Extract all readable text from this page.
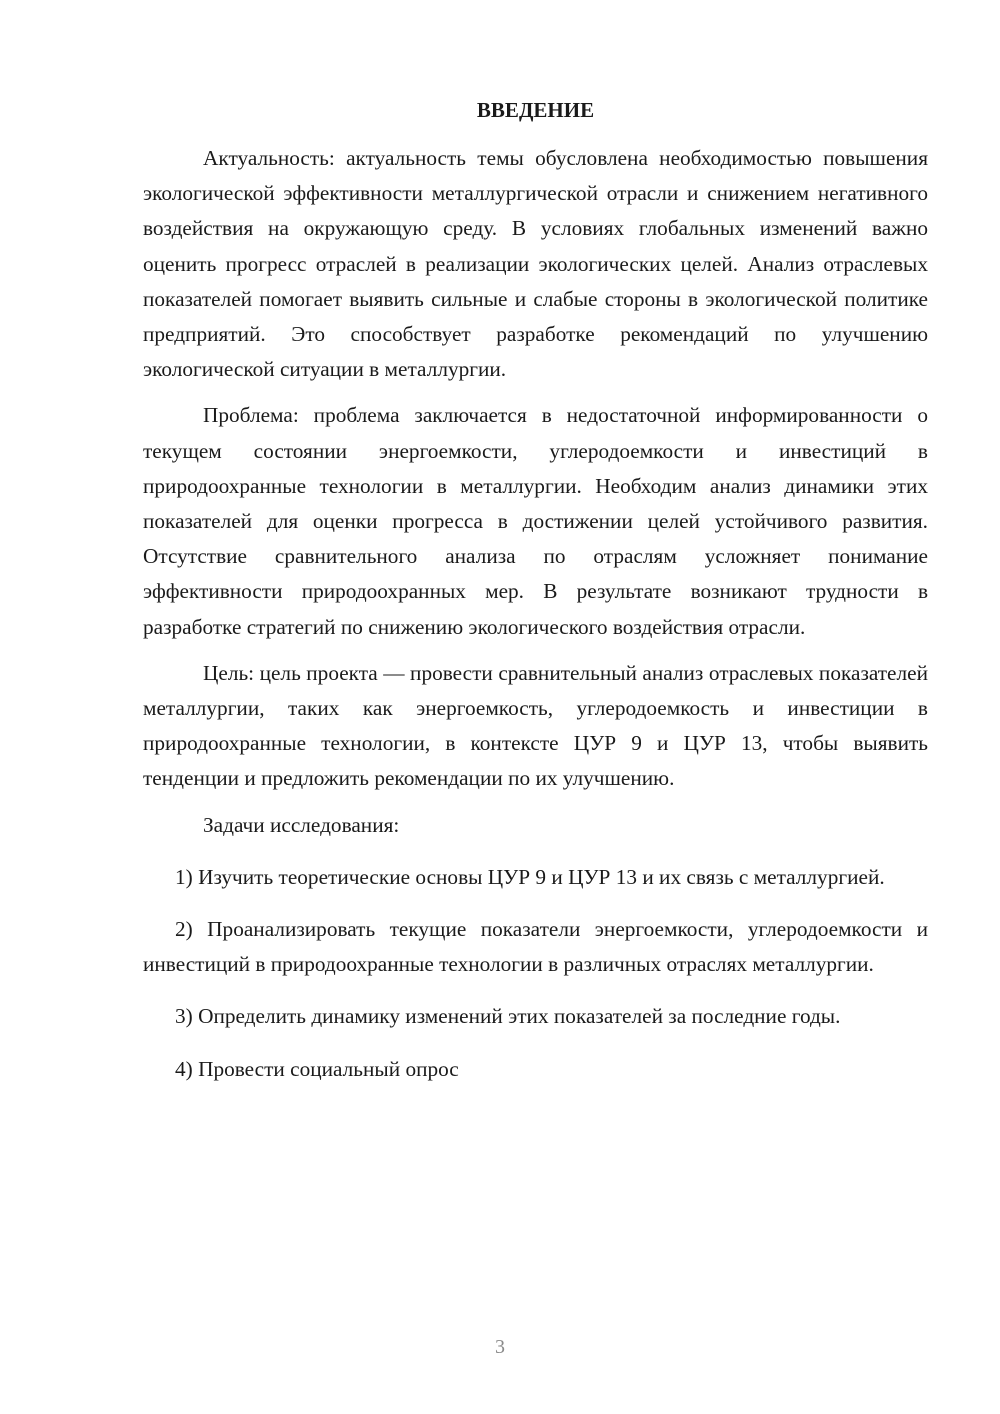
ВВЕДЕНИЕ

Актуальность: актуальность темы обусловлена необходимостью повышения экологической эффективности металлургической отрасли и снижением негативного воздействия на окружающую среду. В условиях глобальных изменений важно оценить прогресс отраслей в реализации экологических целей. Анализ отраслевых показателей помогает выявить сильные и слабые стороны в экологической политике предприятий. Это способствует разработке рекомендаций по улучшению экологической ситуации в металлургии.

Проблема: проблема заключается в недостаточной информированности о текущем состоянии энергоемкости, углеродоемкости и инвестиций в природоохранные технологии в металлургии. Необходим анализ динамики этих показателей для оценки прогресса в достижении целей устойчивого развития. Отсутствие сравнительного анализа по отраслям усложняет понимание эффективности природоохранных мер. В результате возникают трудности в разработке стратегий по снижению экологического воздействия отрасли.

Цель: цель проекта — провести сравнительный анализ отраслевых показателей металлургии, таких как энергоемкость, углеродоемкость и инвестиции в природоохранные технологии, в контексте ЦУР 9 и ЦУР 13, чтобы выявить тенденции и предложить рекомендации по их улучшению.

Задачи исследования:

1) Изучить теоретические основы ЦУР 9 и ЦУР 13 и их связь с металлургией.

2) Проанализировать текущие показатели энергоемкости, углеродоемкости и инвестиций в природоохранные технологии в различных отраслях металлургии.

3) Определить динамику изменений этих показателей за последние годы.

4) Провести социальный опрос

3
